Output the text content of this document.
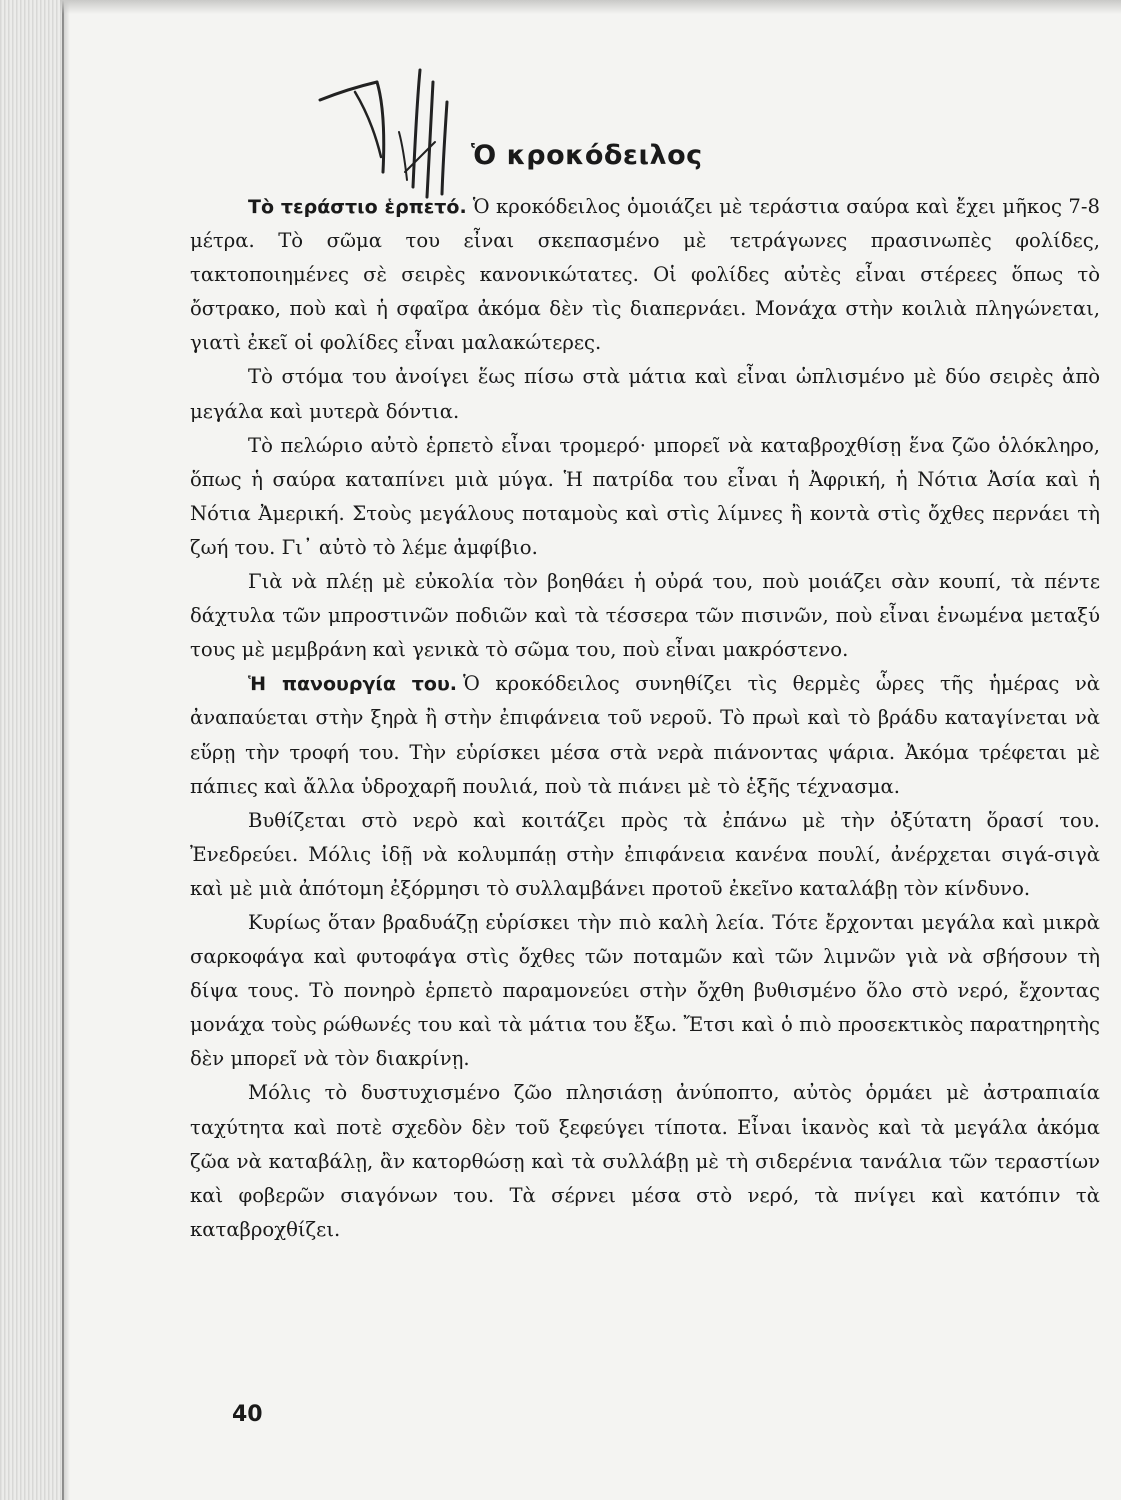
Ὁ κροκόδειλος

Τὸ τεράστιο ἑρπετό. Ὁ κροκόδειλος ὁμοιάζει μὲ τεράστια σαύρα καὶ ἔχει μῆκος 7-8 μέτρα. Τὸ σῶμα του εἶναι σκεπασμένο μὲ τετράγωνες πρασινωπὲς φολίδες, τακτοποιημένες σὲ σειρὲς κανονικώτατες. Οἱ φολίδες αὐτὲς εἶναι στέρεες ὅπως τὸ ὄστρακο, ποὺ καὶ ἡ σφαῖρα ἀκόμα δὲν τὶς διαπερνάει. Μονάχα στὴν κοιλιὰ πληγώνεται, γιατὶ ἐκεῖ οἱ φολίδες εἶναι μαλακώτερες.

Τὸ στόμα του ἀνοίγει ἕως πίσω στὰ μάτια καὶ εἶναι ὡπλισμένο μὲ δύο σειρὲς ἀπὸ μεγάλα καὶ μυτερὰ δόντια.

Τὸ πελώριο αὐτὸ ἑρπετὸ εἶναι τρομερό· μπορεῖ νὰ καταβροχθίσῃ ἕνα ζῶο ὁλόκληρο, ὅπως ἡ σαύρα καταπίνει μιὰ μύγα. Ἡ πατρίδα του εἶναι ἡ Ἀφρική, ἡ Νότια Ἀσία καὶ ἡ Νότια Ἀμερική. Στοὺς μεγάλους ποταμοὺς καὶ στὶς λίμνες ἢ κοντὰ στὶς ὄχθες περνάει τὴ ζωή του. Γι᾽ αὐτὸ τὸ λέμε ἀμφίβιο.

Γιὰ νὰ πλέῃ μὲ εὐκολία τὸν βοηθάει ἡ οὐρά του, ποὺ μοιάζει σὰν κουπί, τὰ πέντε δάχτυλα τῶν μπροστινῶν ποδιῶν καὶ τὰ τέσσερα τῶν πισινῶν, ποὺ εἶναι ἑνωμένα μεταξύ τους μὲ μεμβράνη καὶ γενικὰ τὸ σῶμα του, ποὺ εἶναι μακρόστενο.

Ἡ πανουργία του. Ὁ κροκόδειλος συνηθίζει τὶς θερμὲς ὧρες τῆς ἡμέρας νὰ ἀναπαύεται στὴν ξηρὰ ἢ στὴν ἐπιφάνεια τοῦ νεροῦ. Τὸ πρωὶ καὶ τὸ βράδυ καταγίνεται νὰ εὕρῃ τὴν τροφή του. Τὴν εὑρίσκει μέσα στὰ νερὰ πιάνοντας ψάρια. Ἀκόμα τρέφεται μὲ πάπιες καὶ ἄλλα ὑδροχαρῆ πουλιά, ποὺ τὰ πιάνει μὲ τὸ ἑξῆς τέχνασμα.

Βυθίζεται στὸ νερὸ καὶ κοιτάζει πρὸς τὰ ἐπάνω μὲ τὴν ὀξύτατη ὅρασί του. Ἐνεδρεύει. Μόλις ἰδῇ νὰ κολυμπάῃ στὴν ἐπιφάνεια κανένα πουλί, ἀνέρχεται σιγά-σιγὰ καὶ μὲ μιὰ ἀπότομη ἐξόρμησι τὸ συλλαμβάνει προτοῦ ἐκεῖνο καταλάβῃ τὸν κίνδυνο.

Κυρίως ὅταν βραδυάζῃ εὑρίσκει τὴν πιὸ καλὴ λεία. Τότε ἔρχονται μεγάλα καὶ μικρὰ σαρκοφάγα καὶ φυτοφάγα στὶς ὄχθες τῶν ποταμῶν καὶ τῶν λιμνῶν γιὰ νὰ σβήσουν τὴ δίψα τους. Τὸ πονηρὸ ἑρπετὸ παραμονεύει στὴν ὄχθη βυθισμένο ὅλο στὸ νερό, ἔχοντας μονάχα τοὺς ρώθωνές του καὶ τὰ μάτια του ἔξω. Ἔτσι καὶ ὁ πιὸ προσεκτικὸς παρατηρητὴς δὲν μπορεῖ νὰ τὸν διακρίνῃ.

Μόλις τὸ δυστυχισμένο ζῶο πλησιάσῃ ἀνύποπτο, αὐτὸς ὁρμάει μὲ ἀστραπιαία ταχύτητα καὶ ποτὲ σχεδὸν δὲν τοῦ ξεφεύγει τίποτα. Εἶναι ἱκανὸς καὶ τὰ μεγάλα ἀκόμα ζῶα νὰ καταβάλῃ, ἂν κατορθώσῃ καὶ τὰ συλλάβῃ μὲ τὴ σιδερένια τανάλια τῶν τεραστίων καὶ φοβερῶν σιαγόνων του. Τὰ σέρνει μέσα στὸ νερό, τὰ πνίγει καὶ κατόπιν τὰ καταβροχθίζει.

40
